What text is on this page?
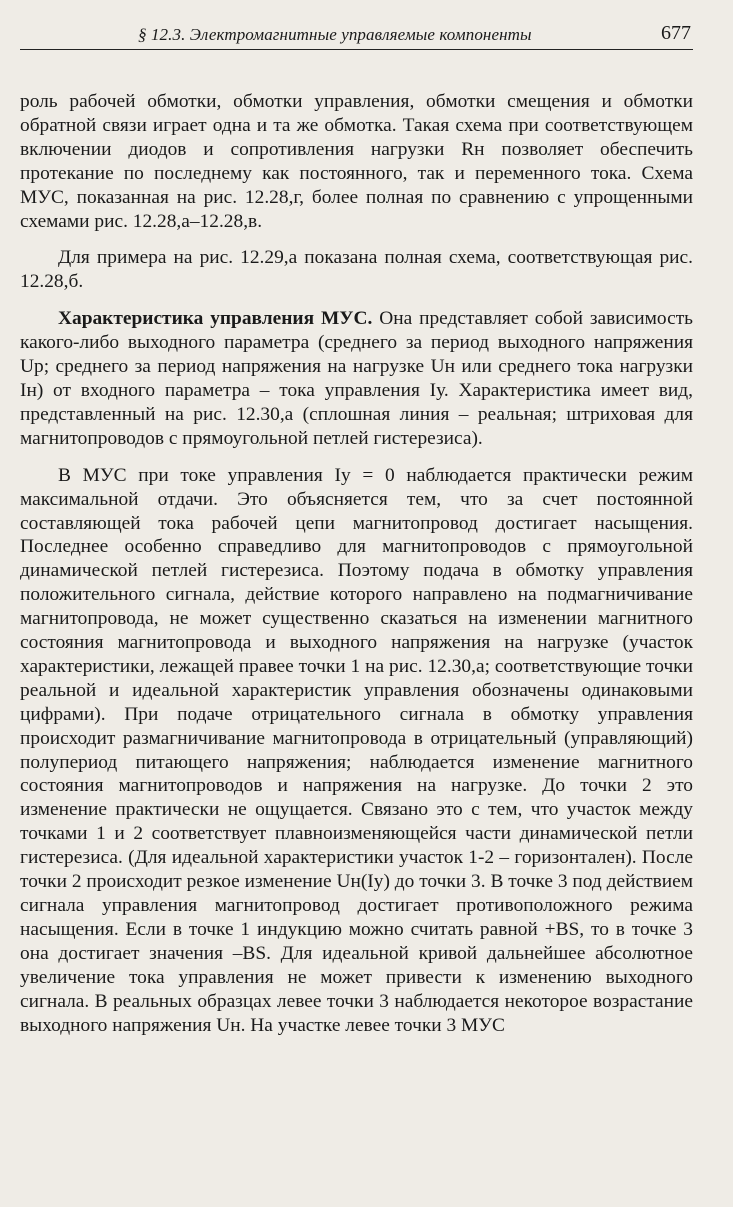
§ 12.3. Электромагнитные управляемые компоненты	677

роль рабочей обмотки, обмотки управления, обмотки смещения и обмотки обратной связи играет одна и та же обмотка. Такая схема при соответствующем включении диодов и сопротивления нагрузки Rн позволяет обеспечить протекание по последнему как постоянного, так и переменного тока. Схема МУС, показанная на рис. 12.28,г, более полная по сравнению с упрощенными схемами рис. 12.28,а–12.28,в.

Для примера на рис. 12.29,а показана полная схема, соответствующая рис. 12.28,б.

Характеристика управления МУС. Она представляет собой зависимость какого-либо выходного параметра (среднего за период выходного напряжения Uр; среднего за период напряжения на нагрузке Uн или среднего тока нагрузки Iн) от входного параметра – тока управления Iу. Характеристика имеет вид, представленный на рис. 12.30,а (сплошная линия – реальная; штриховая для магнитопроводов с прямоугольной петлей гистерезиса).

В МУС при токе управления Iу = 0 наблюдается практически режим максимальной отдачи. Это объясняется тем, что за счет постоянной составляющей тока рабочей цепи магнитопровод достигает насыщения. Последнее особенно справедливо для магнитопроводов с прямоугольной динамической петлей гистерезиса. Поэтому подача в обмотку управления положительного сигнала, действие которого направлено на подмагничивание магнитопровода, не может существенно сказаться на изменении магнитного состояния магнитопровода и выходного напряжения на нагрузке (участок характеристики, лежащей правее точки 1 на рис. 12.30,а; соответствующие точки реальной и идеальной характеристик управления обозначены одинаковыми цифрами). При подаче отрицательного сигнала в обмотку управления происходит размагничивание магнитопровода в отрицательный (управляющий) полупериод питающего напряжения; наблюдается изменение магнитного состояния магнитопроводов и напряжения на нагрузке. До точки 2 это изменение практически не ощущается. Связано это с тем, что участок между точками 1 и 2 соответствует плавноизменяющейся части динамической петли гистерезиса. (Для идеальной характеристики участок 1-2 – горизонтален). После точки 2 происходит резкое изменение Uн(Iу) до точки 3. В точке 3 под действием сигнала управления магнитопровод достигает противоположного режима насыщения. Если в точке 1 индукцию можно считать равной +BS, то в точке 3 она достигает значения –BS. Для идеальной кривой дальнейшее абсолютное увеличение тока управления не может привести к изменению выходного сигнала. В реальных образцах левее точки 3 наблюдается некоторое возрастание выходного напряжения Uн. На участке левее точки 3 МУС
